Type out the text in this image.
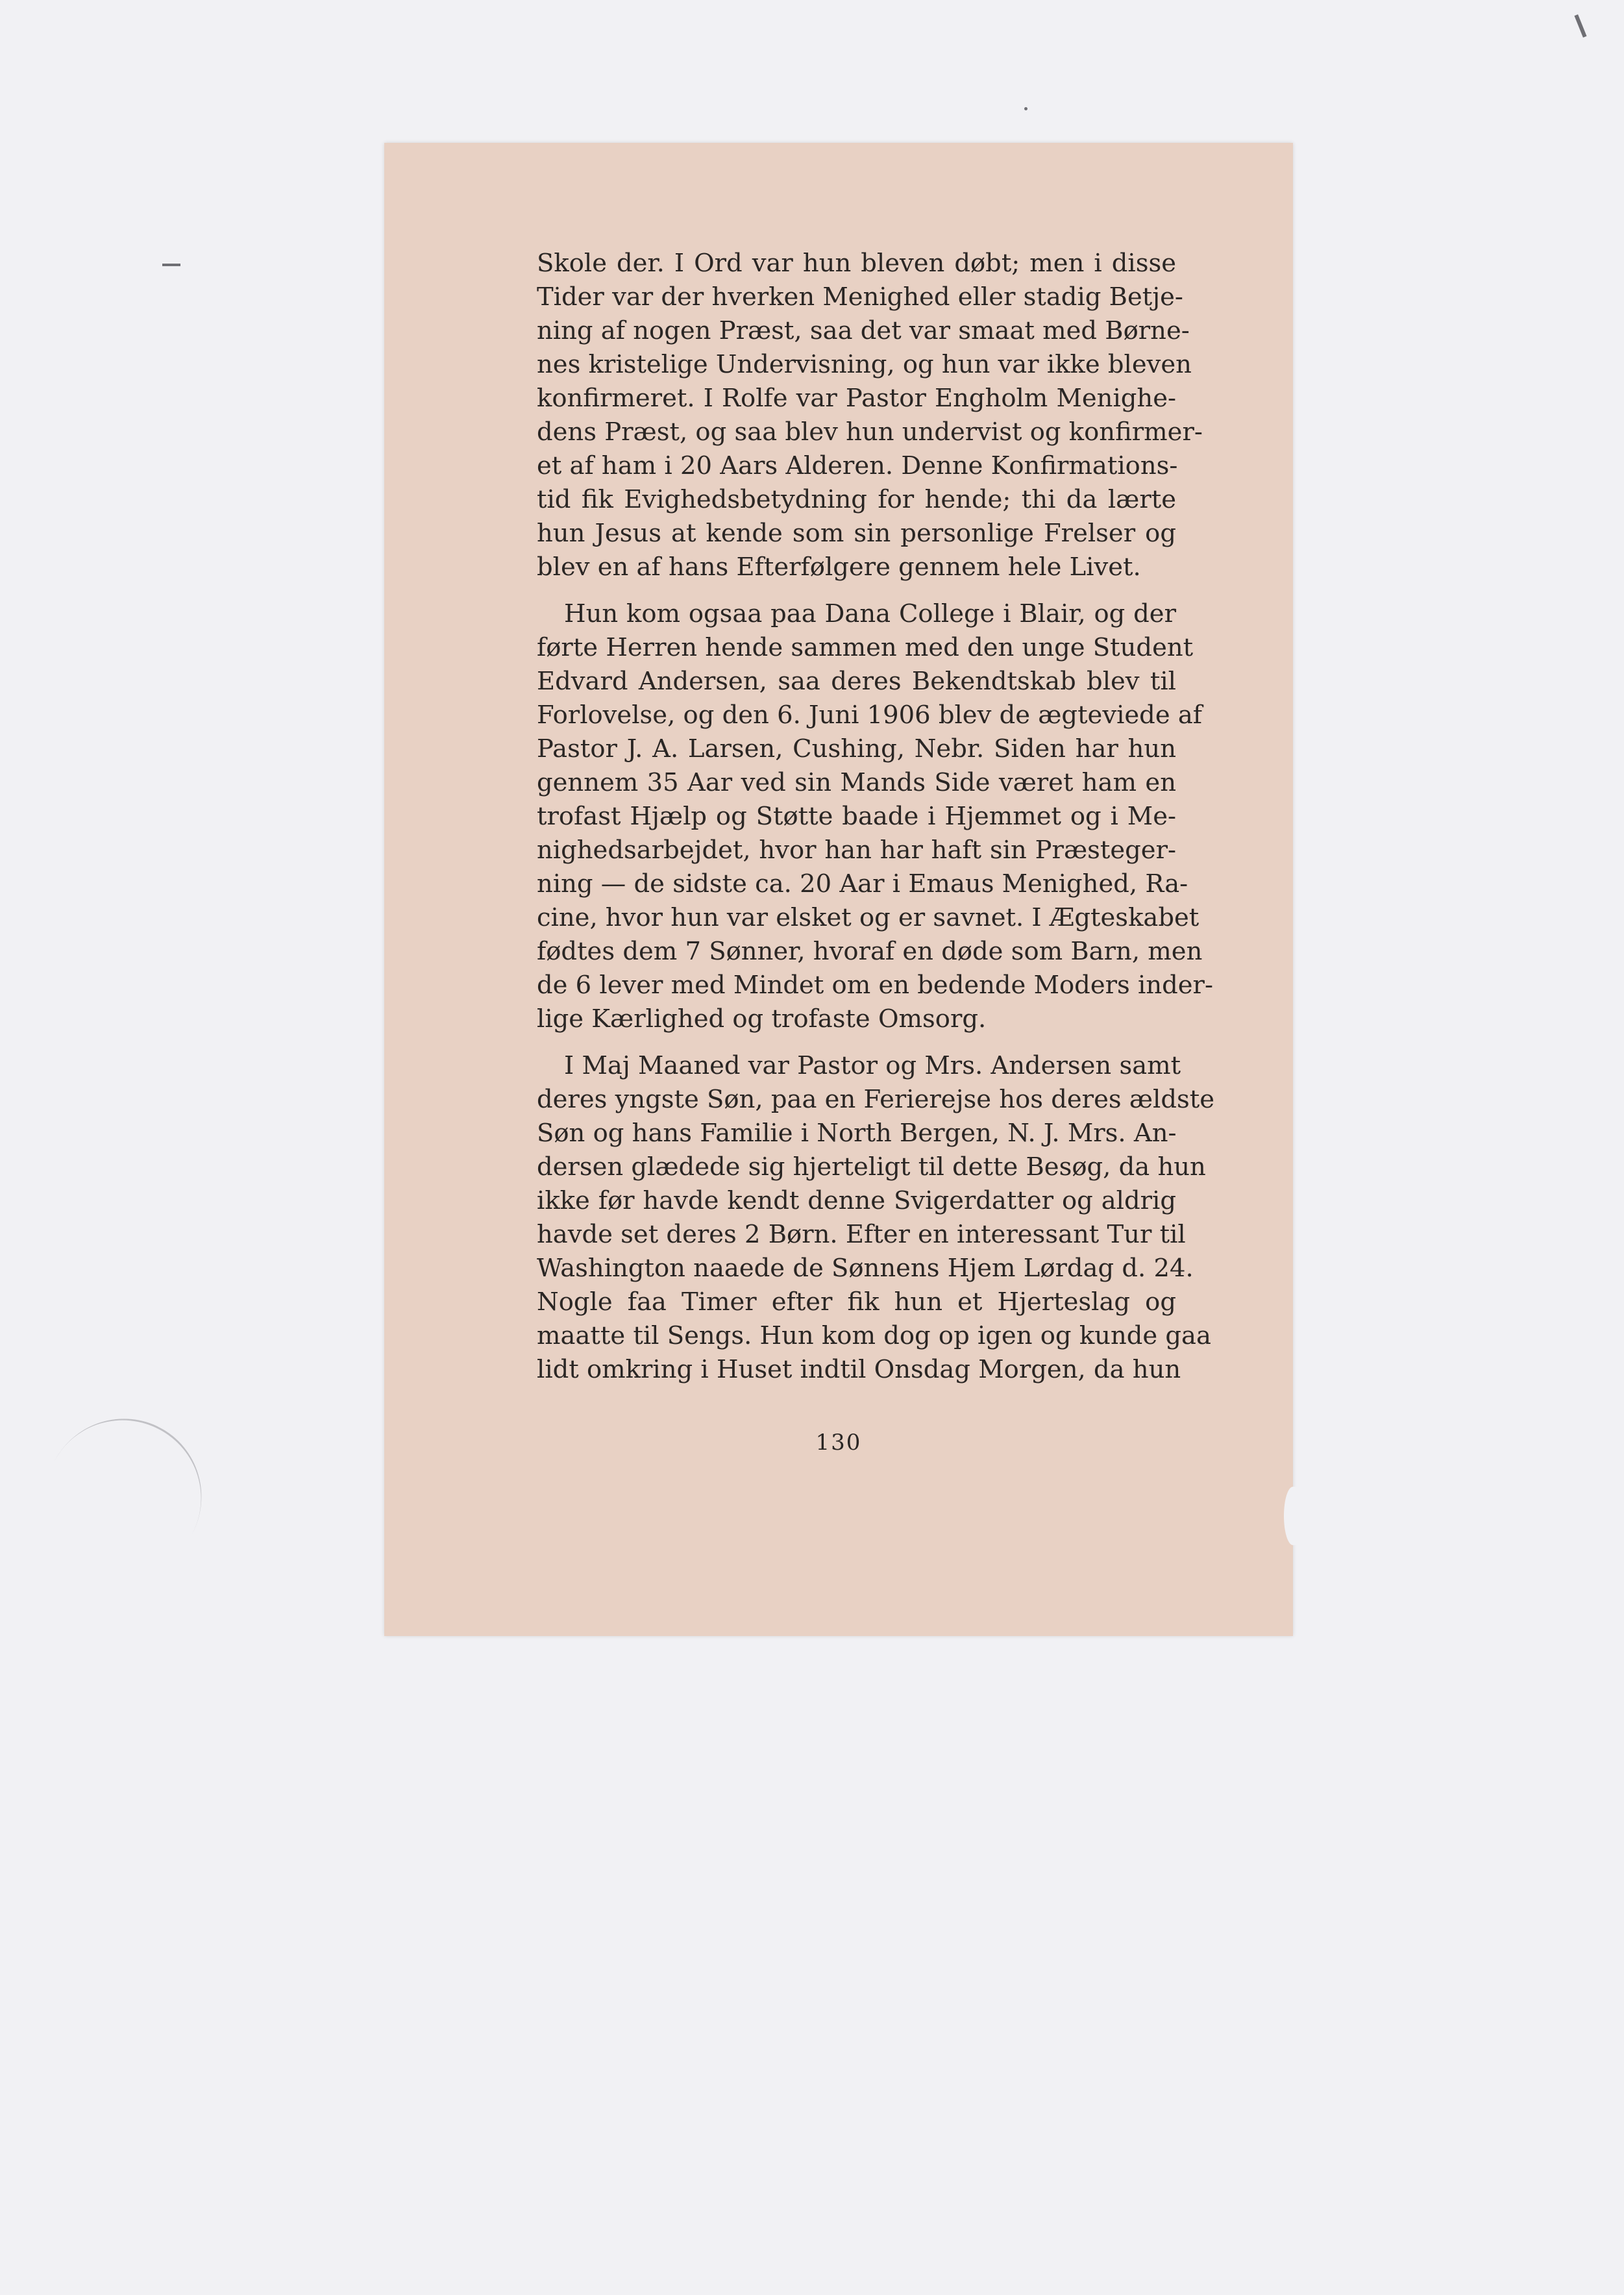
Skole der. I Ord var hun bleven døbt; men i disse
Tider var der hverken Menighed eller stadig Betje-
ning af nogen Præst, saa det var smaat med Børne-
nes kristelige Undervisning, og hun var ikke bleven
konfirmeret. I Rolfe var Pastor Engholm Menighe-
dens Præst, og saa blev hun undervist og konfirmer-
et af ham i 20 Aars Alderen. Denne Konfirmations-
tid fik Evighedsbetydning for hende; thi da lærte
hun Jesus at kende som sin personlige Frelser og
blev en af hans Efterfølgere gennem hele Livet.
Hun kom ogsaa paa Dana College i Blair, og der
førte Herren hende sammen med den unge Student
Edvard Andersen, saa deres Bekendtskab blev til
Forlovelse, og den 6. Juni 1906 blev de ægteviede af
Pastor J. A. Larsen, Cushing, Nebr. Siden har hun
gennem 35 Aar ved sin Mands Side været ham en
trofast Hjælp og Støtte baade i Hjemmet og i Me-
nighedsarbejdet, hvor han har haft sin Præsteger-
ning — de sidste ca. 20 Aar i Emaus Menighed, Ra-
cine, hvor hun var elsket og er savnet. I Ægteskabet
fødtes dem 7 Sønner, hvoraf en døde som Barn, men
de 6 lever med Mindet om en bedende Moders inder-
lige Kærlighed og trofaste Omsorg.
I Maj Maaned var Pastor og Mrs. Andersen samt
deres yngste Søn, paa en Ferierejse hos deres ældste
Søn og hans Familie i North Bergen, N. J. Mrs. An-
dersen glædede sig hjerteligt til dette Besøg, da hun
ikke før havde kendt denne Svigerdatter og aldrig
havde set deres 2 Børn. Efter en interessant Tur til
Washington naaede de Sønnens Hjem Lørdag d. 24.
Nogle faa Timer efter fik hun et Hjerteslag og
maatte til Sengs. Hun kom dog op igen og kunde gaa
lidt omkring i Huset indtil Onsdag Morgen, da hun
130
